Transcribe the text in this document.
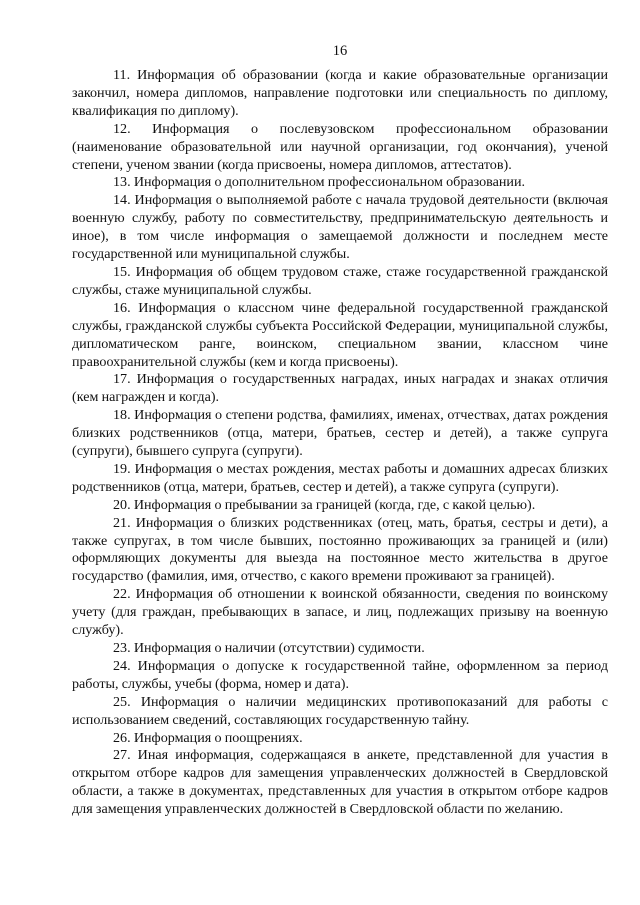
16

11. Информация об образовании (когда и какие образовательные организации закончил, номера дипломов, направление подготовки или специальность по диплому, квалификация по диплому).

12. Информация о послевузовском профессиональном образовании (наименование образовательной или научной организации, год окончания), ученой степени, ученом звании (когда присвоены, номера дипломов, аттестатов).

13. Информация о дополнительном профессиональном образовании.

14. Информация о выполняемой работе с начала трудовой деятельности (включая военную службу, работу по совместительству, предпринимательскую деятельность и иное), в том числе информация о замещаемой должности и последнем месте государственной или муниципальной службы.

15. Информация об общем трудовом стаже, стаже государственной гражданской службы, стаже муниципальной службы.

16. Информация о классном чине федеральной государственной гражданской службы, гражданской службы субъекта Российской Федерации, муниципальной службы, дипломатическом ранге, воинском, специальном звании, классном чине правоохранительной службы (кем и когда присвоены).

17. Информация о государственных наградах, иных наградах и знаках отличия (кем награжден и когда).

18. Информация о степени родства, фамилиях, именах, отчествах, датах рождения близких родственников (отца, матери, братьев, сестер и детей), а также супруга (супруги), бывшего супруга (супруги).

19. Информация о местах рождения, местах работы и домашних адресах близких родственников (отца, матери, братьев, сестер и детей), а также супруга (супруги).

20. Информация о пребывании за границей (когда, где, с какой целью).

21. Информация о близких родственниках (отец, мать, братья, сестры и дети), а также супругах, в том числе бывших, постоянно проживающих за границей и (или) оформляющих документы для выезда на постоянное место жительства в другое государство (фамилия, имя, отчество, с какого времени проживают за границей).

22. Информация об отношении к воинской обязанности, сведения по воинскому учету (для граждан, пребывающих в запасе, и лиц, подлежащих призыву на военную службу).

23. Информация о наличии (отсутствии) судимости.

24. Информация о допуске к государственной тайне, оформленном за период работы, службы, учебы (форма, номер и дата).

25. Информация о наличии медицинских противопоказаний для работы с использованием сведений, составляющих государственную тайну.

26. Информация о поощрениях.

27. Иная информация, содержащаяся в анкете, представленной для участия в открытом отборе кадров для замещения управленческих должностей в Свердловской области, а также в документах, представленных для участия в открытом отборе кадров для замещения управленческих должностей в Свердловской области по желанию.
